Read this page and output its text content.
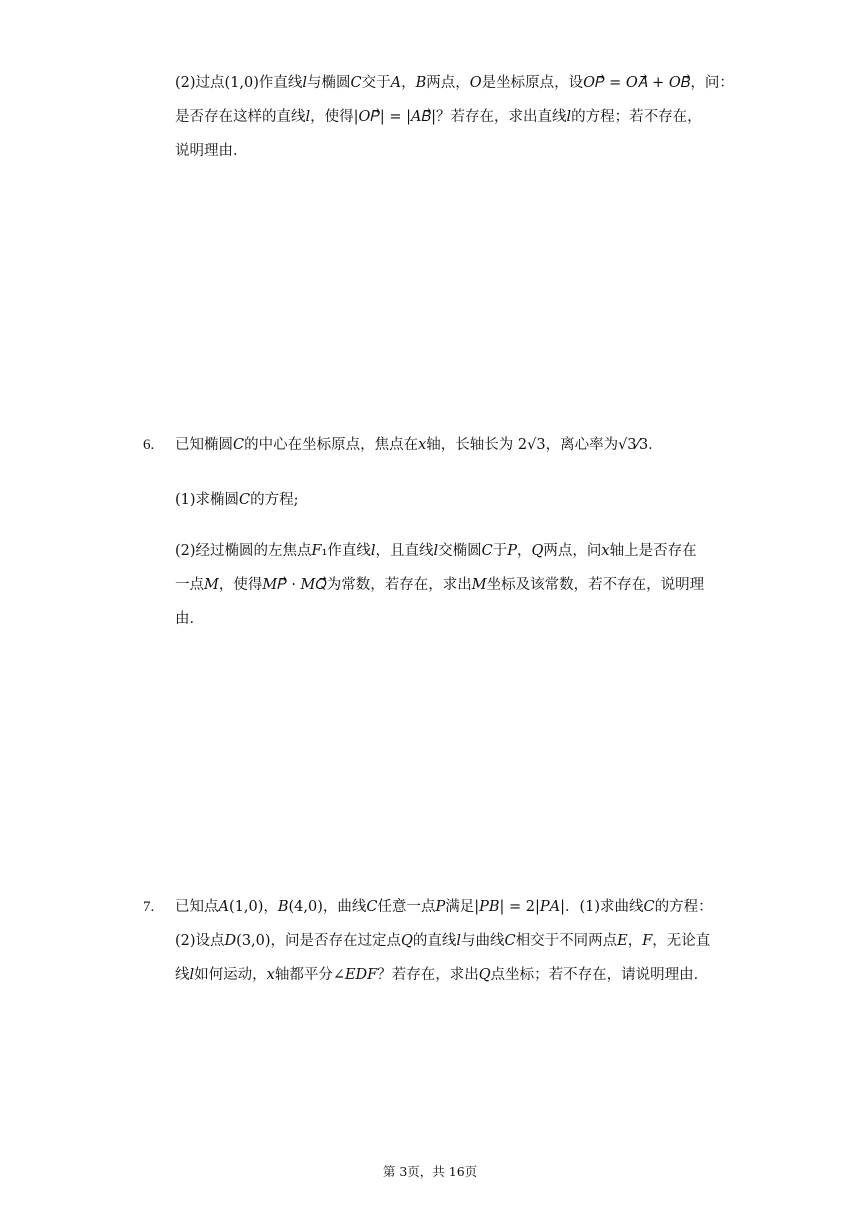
(2)过点(1,0)作直线𝑙与椭圆𝐶交于𝐴，𝐵两点，𝑂是坐标原点，设𝑂𝑃⃗ = 𝑂𝐴⃗ + 𝑂𝐵⃗，问：
是否存在这样的直线𝑙，使得|𝑂𝑃⃗| = |𝐴𝐵⃗|？若存在，求出直线𝑙的方程；若不存在，
说明理由．
6. 已知椭圆𝐶的中心在坐标原点，焦点在𝑥轴，长轴长为 2√3，离心率为√3⁄3．
(1)求椭圆𝐶的方程;
(2)经过椭圆的左焦点𝐹₁作直线𝑙，且直线𝑙交椭圆𝐶于𝑃，𝑄两点，问𝑥轴上是否存在
一点𝑀，使得𝑀𝑃⃗ · 𝑀𝑄⃗为常数，若存在，求出𝑀坐标及该常数，若不存在，说明理
由．
7. 已知点𝐴(1,0)，𝐵(4,0)，曲线𝐶任意一点𝑃满足|𝑃𝐵| = 2|𝑃𝐴|．(1)求曲线𝐶的方程：
(2)设点𝐷(3,0)，问是否存在过定点𝑄的直线𝑙与曲线𝐶相交于不同两点𝐸，𝐹，无论直
线𝑙如何运动，𝑥轴都平分∠𝐸𝐷𝐹？若存在，求出𝑄点坐标；若不存在，请说明理由．
第 3页，共 16页
